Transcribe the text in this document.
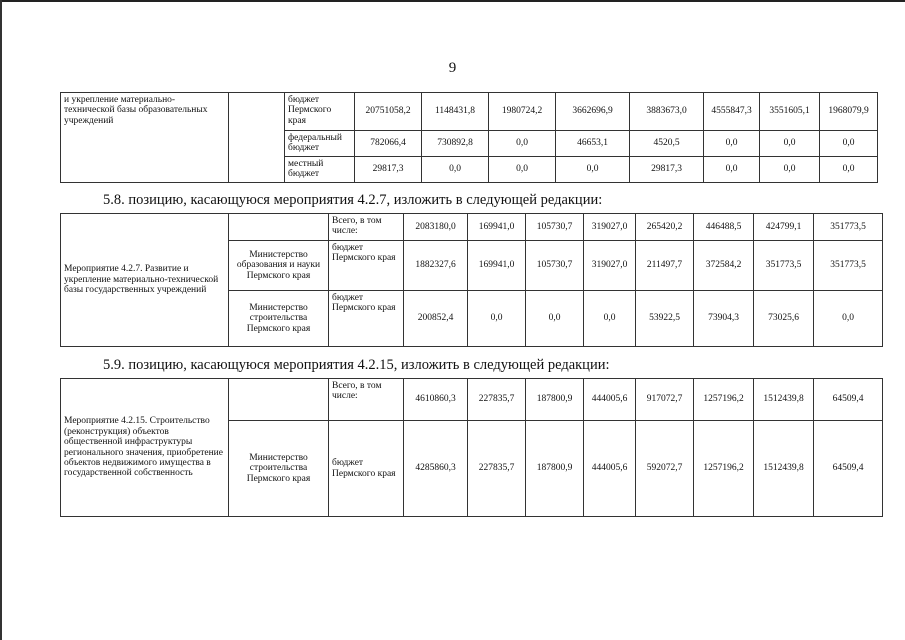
9
и укрепление материально-технической базы образовательных учреждений		бюджет Пермского края	20751058,2	1148431,8	1980724,2	3662696,9	3883673,0	4555847,3	3551605,1	1968079,9
		федеральный бюджет	782066,4	730892,8	0,0	46653,1	4520,5	0,0	0,0	0,0
		местный бюджет	29817,3	0,0	0,0	0,0	29817,3	0,0	0,0	0,0
5.8. позицию, касающуюся мероприятия 4.2.7, изложить в следующей редакции:
Мероприятие 4.2.7. Развитие и укрепление материально-технической базы государственных учреждений		Всего, в том числе:	2083180,0	169941,0	105730,7	319027,0	265420,2	446488,5	424799,1	351773,5
	Министерство образования и науки Пермского края	бюджет Пермского края	1882327,6	169941,0	105730,7	319027,0	211497,7	372584,2	351773,5	351773,5
	Министерство строительства Пермского края	бюджет Пермского края	200852,4	0,0	0,0	0,0	53922,5	73904,3	73025,6	0,0
5.9. позицию, касающуюся мероприятия 4.2.15, изложить в следующей редакции:
Мероприятие 4.2.15. Строительство (реконструкция) объектов общественной инфраструктуры регионального значения, приобретение объектов недвижимого имущества в государственной собственность		Всего, в том числе:	4610860,3	227835,7	187800,9	444005,6	917072,7	1257196,2	1512439,8	64509,4
	Министерство строительства Пермского края	бюджет Пермского края	4285860,3	227835,7	187800,9	444005,6	592072,7	1257196,2	1512439,8	64509,4
